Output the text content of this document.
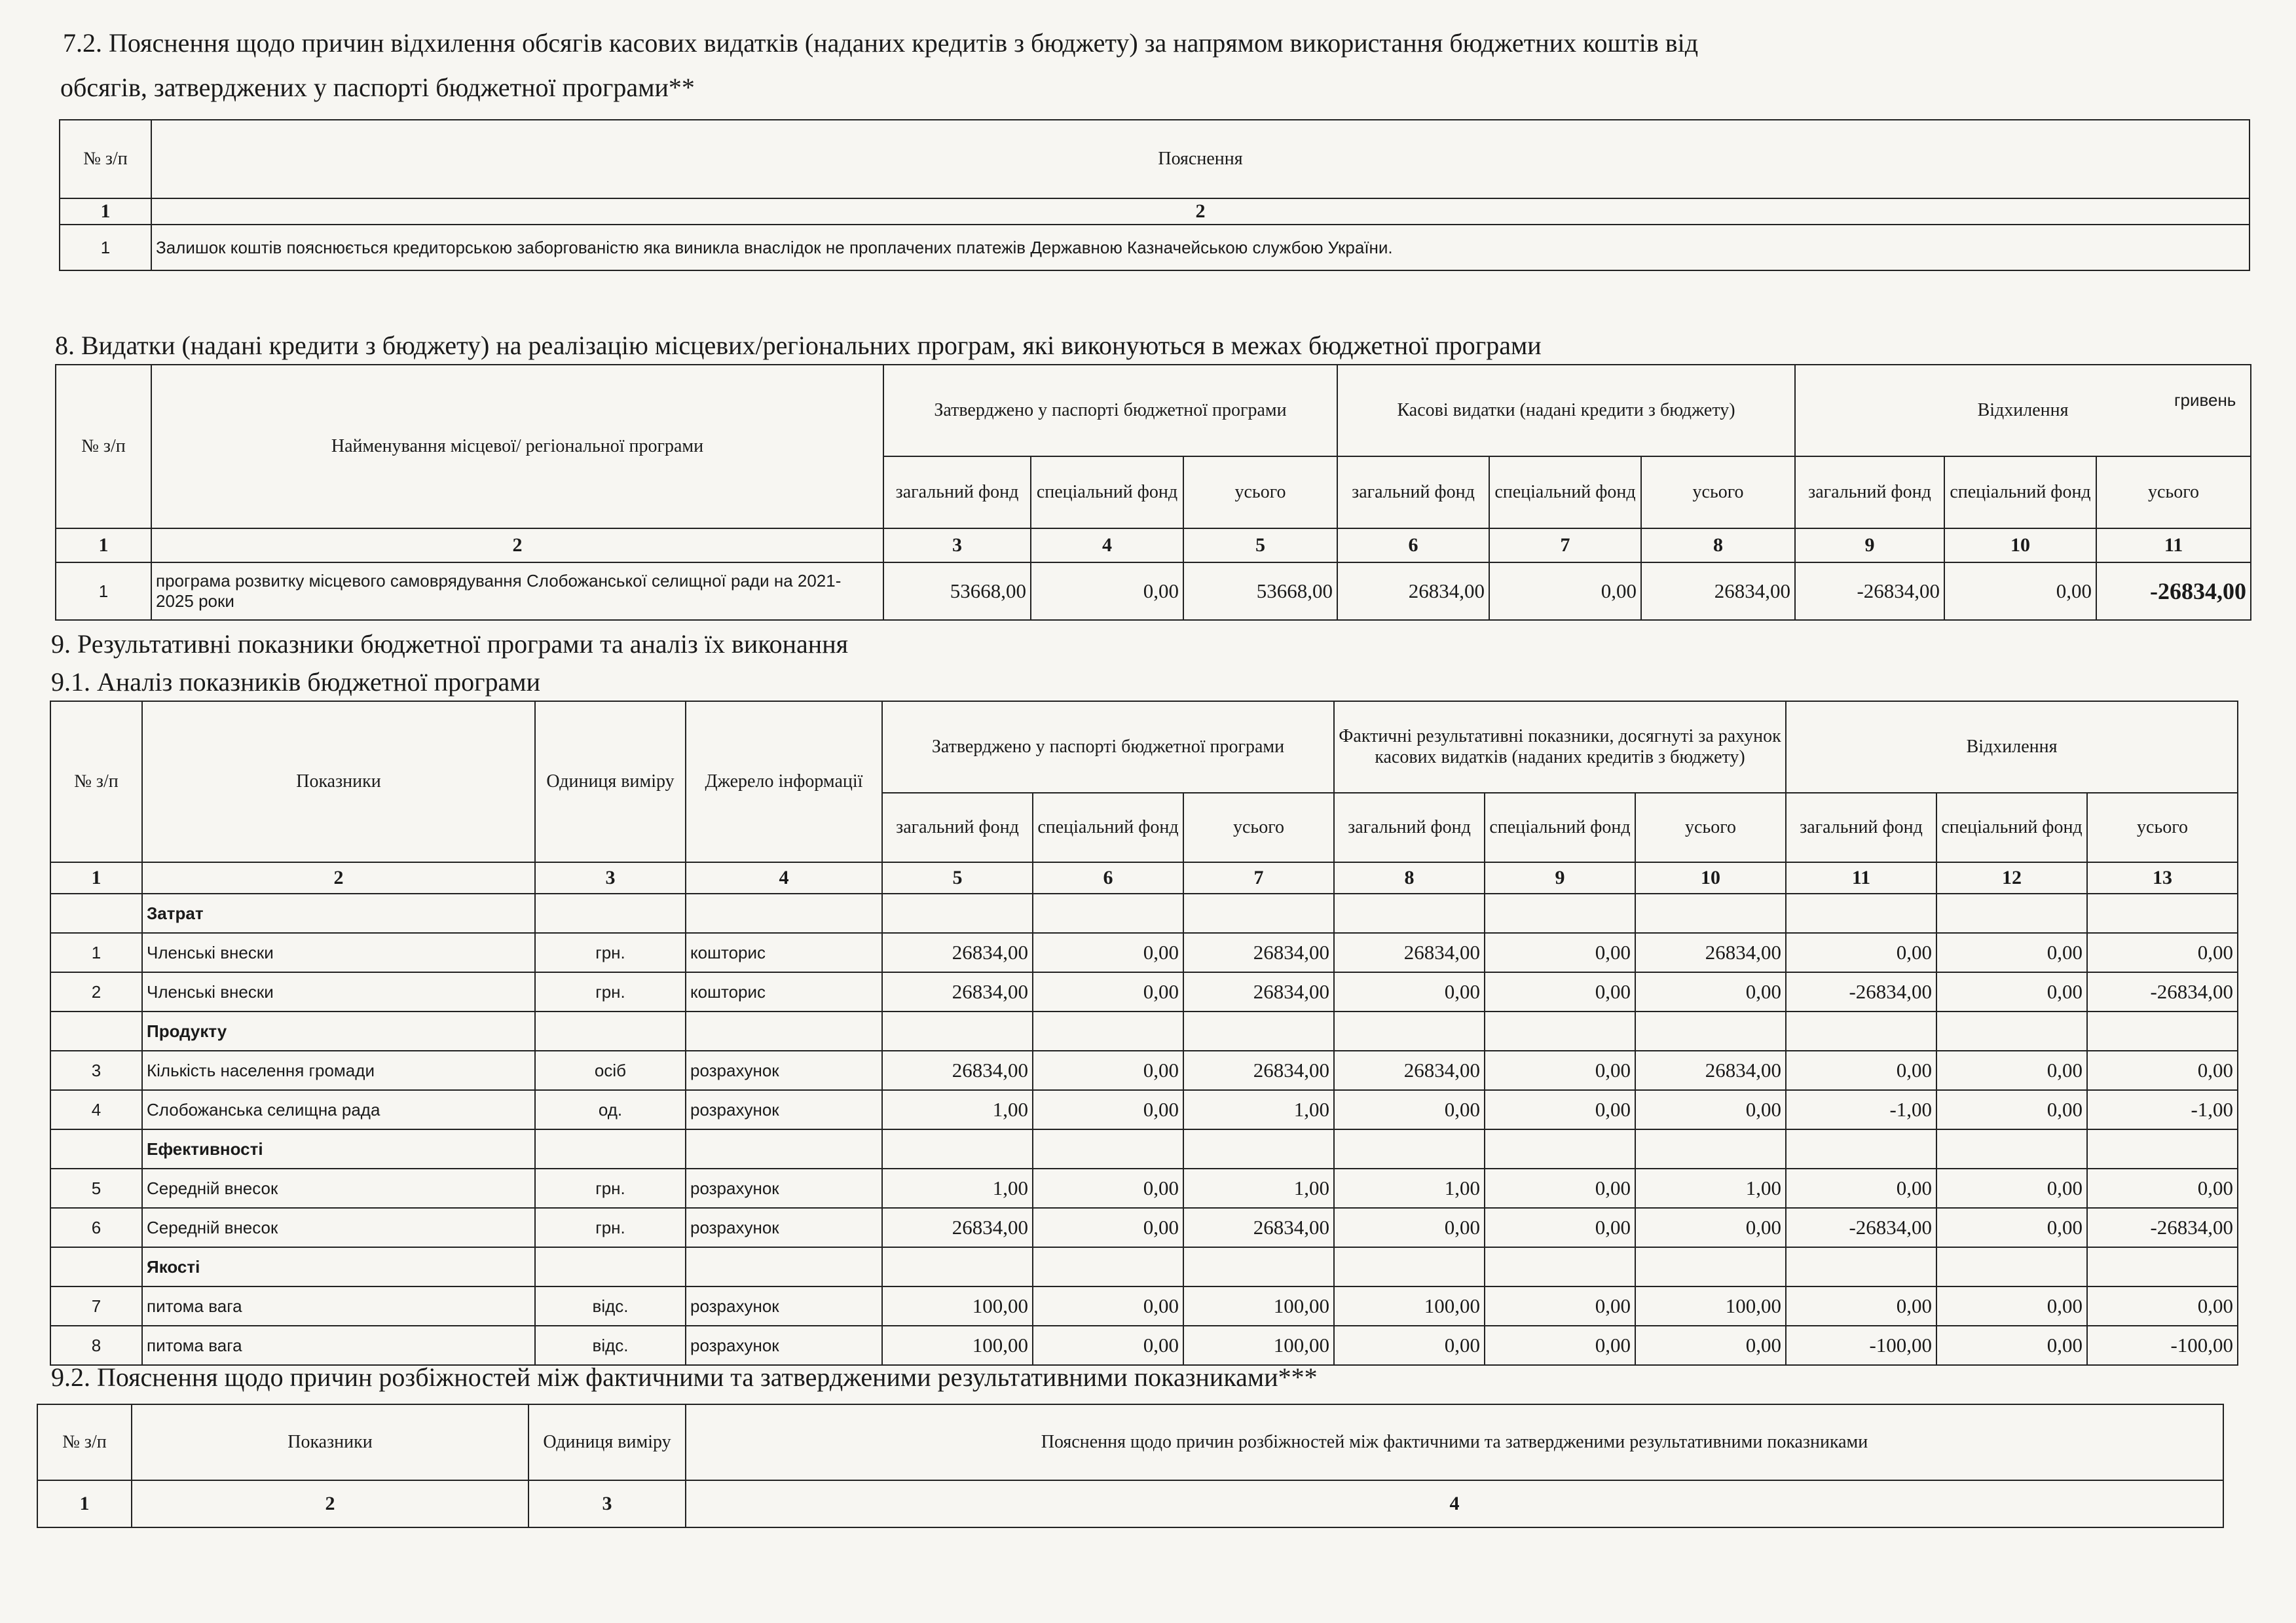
7.2. Пояснення щодо причин відхилення обсягів касових видатків (наданих кредитів з бюджету) за напрямом використання бюджетних коштів від
обсягів, затверджених у паспорті бюджетної програми**
№ з/п	Пояснення
1	2
1	Залишок коштів пояснюється кредиторською заборгованістю яка виникла внаслідок не проплачених платежів Державною Казначейською службою України.
8. Видатки (надані кредити з бюджету) на реалізацію місцевих/регіональних програм, які виконуються в межах бюджетної програми
гривень
№ з/п	Найменування місцевої/ регіональної програми	Затверджено у паспорті бюджетної програми			Касові видатки (надані кредити з бюджету)			Відхилення		
		загальний фонд	спеціальний фонд	усього	загальний фонд	спеціальний фонд	усього	загальний фонд	спеціальний фонд	усього
1	2	3	4	5	6	7	8	9	10	11
1	програма розвитку місцевого самоврядування Слобожанської селищної ради на 2021-2025 роки	53668,00	0,00	53668,00	26834,00	0,00	26834,00	-26834,00	0,00	-26834,00
9. Результативні показники бюджетної програми та аналіз їх виконання
9.1. Аналіз показників бюджетної програми
№ з/п	Показники	Одиниця виміру	Джерело інформації	Затверджено у паспорті бюджетної програми			Фактичні результативні показники, досягнуті за рахунок касових видатків (наданих кредитів з бюджету)			Відхилення		
				загальний фонд	спеціальний фонд	усього	загальний фонд	спеціальний фонд	усього	загальний фонд	спеціальний фонд	усього
1	2	3	4	5	6	7	8	9	10	11	12	13
	Затрат											
1	Членські внески	грн.	кошторис	26834,00	0,00	26834,00	26834,00	0,00	26834,00	0,00	0,00	0,00
2	Членські внески	грн.	кошторис	26834,00	0,00	26834,00	0,00	0,00	0,00	-26834,00	0,00	-26834,00
	Продукту											
3	Кількість населення громади	осіб	розрахунок	26834,00	0,00	26834,00	26834,00	0,00	26834,00	0,00	0,00	0,00
4	Слобожанська селищна рада	од.	розрахунок	1,00	0,00	1,00	0,00	0,00	0,00	-1,00	0,00	-1,00
	Ефективності											
5	Середній внесок	грн.	розрахунок	1,00	0,00	1,00	1,00	0,00	1,00	0,00	0,00	0,00
6	Середній внесок	грн.	розрахунок	26834,00	0,00	26834,00	0,00	0,00	0,00	-26834,00	0,00	-26834,00
	Якості											
7	питома вага	відс.	розрахунок	100,00	0,00	100,00	100,00	0,00	100,00	0,00	0,00	0,00
8	питома вага	відс.	розрахунок	100,00	0,00	100,00	0,00	0,00	0,00	-100,00	0,00	-100,00
9.2. Пояснення щодо причин розбіжностей між фактичними та затвердженими результативними показниками***
№ з/п	Показники	Одиниця виміру	Пояснення щодо причин розбіжностей між фактичними та затвердженими результативними показниками
1	2	3	4
